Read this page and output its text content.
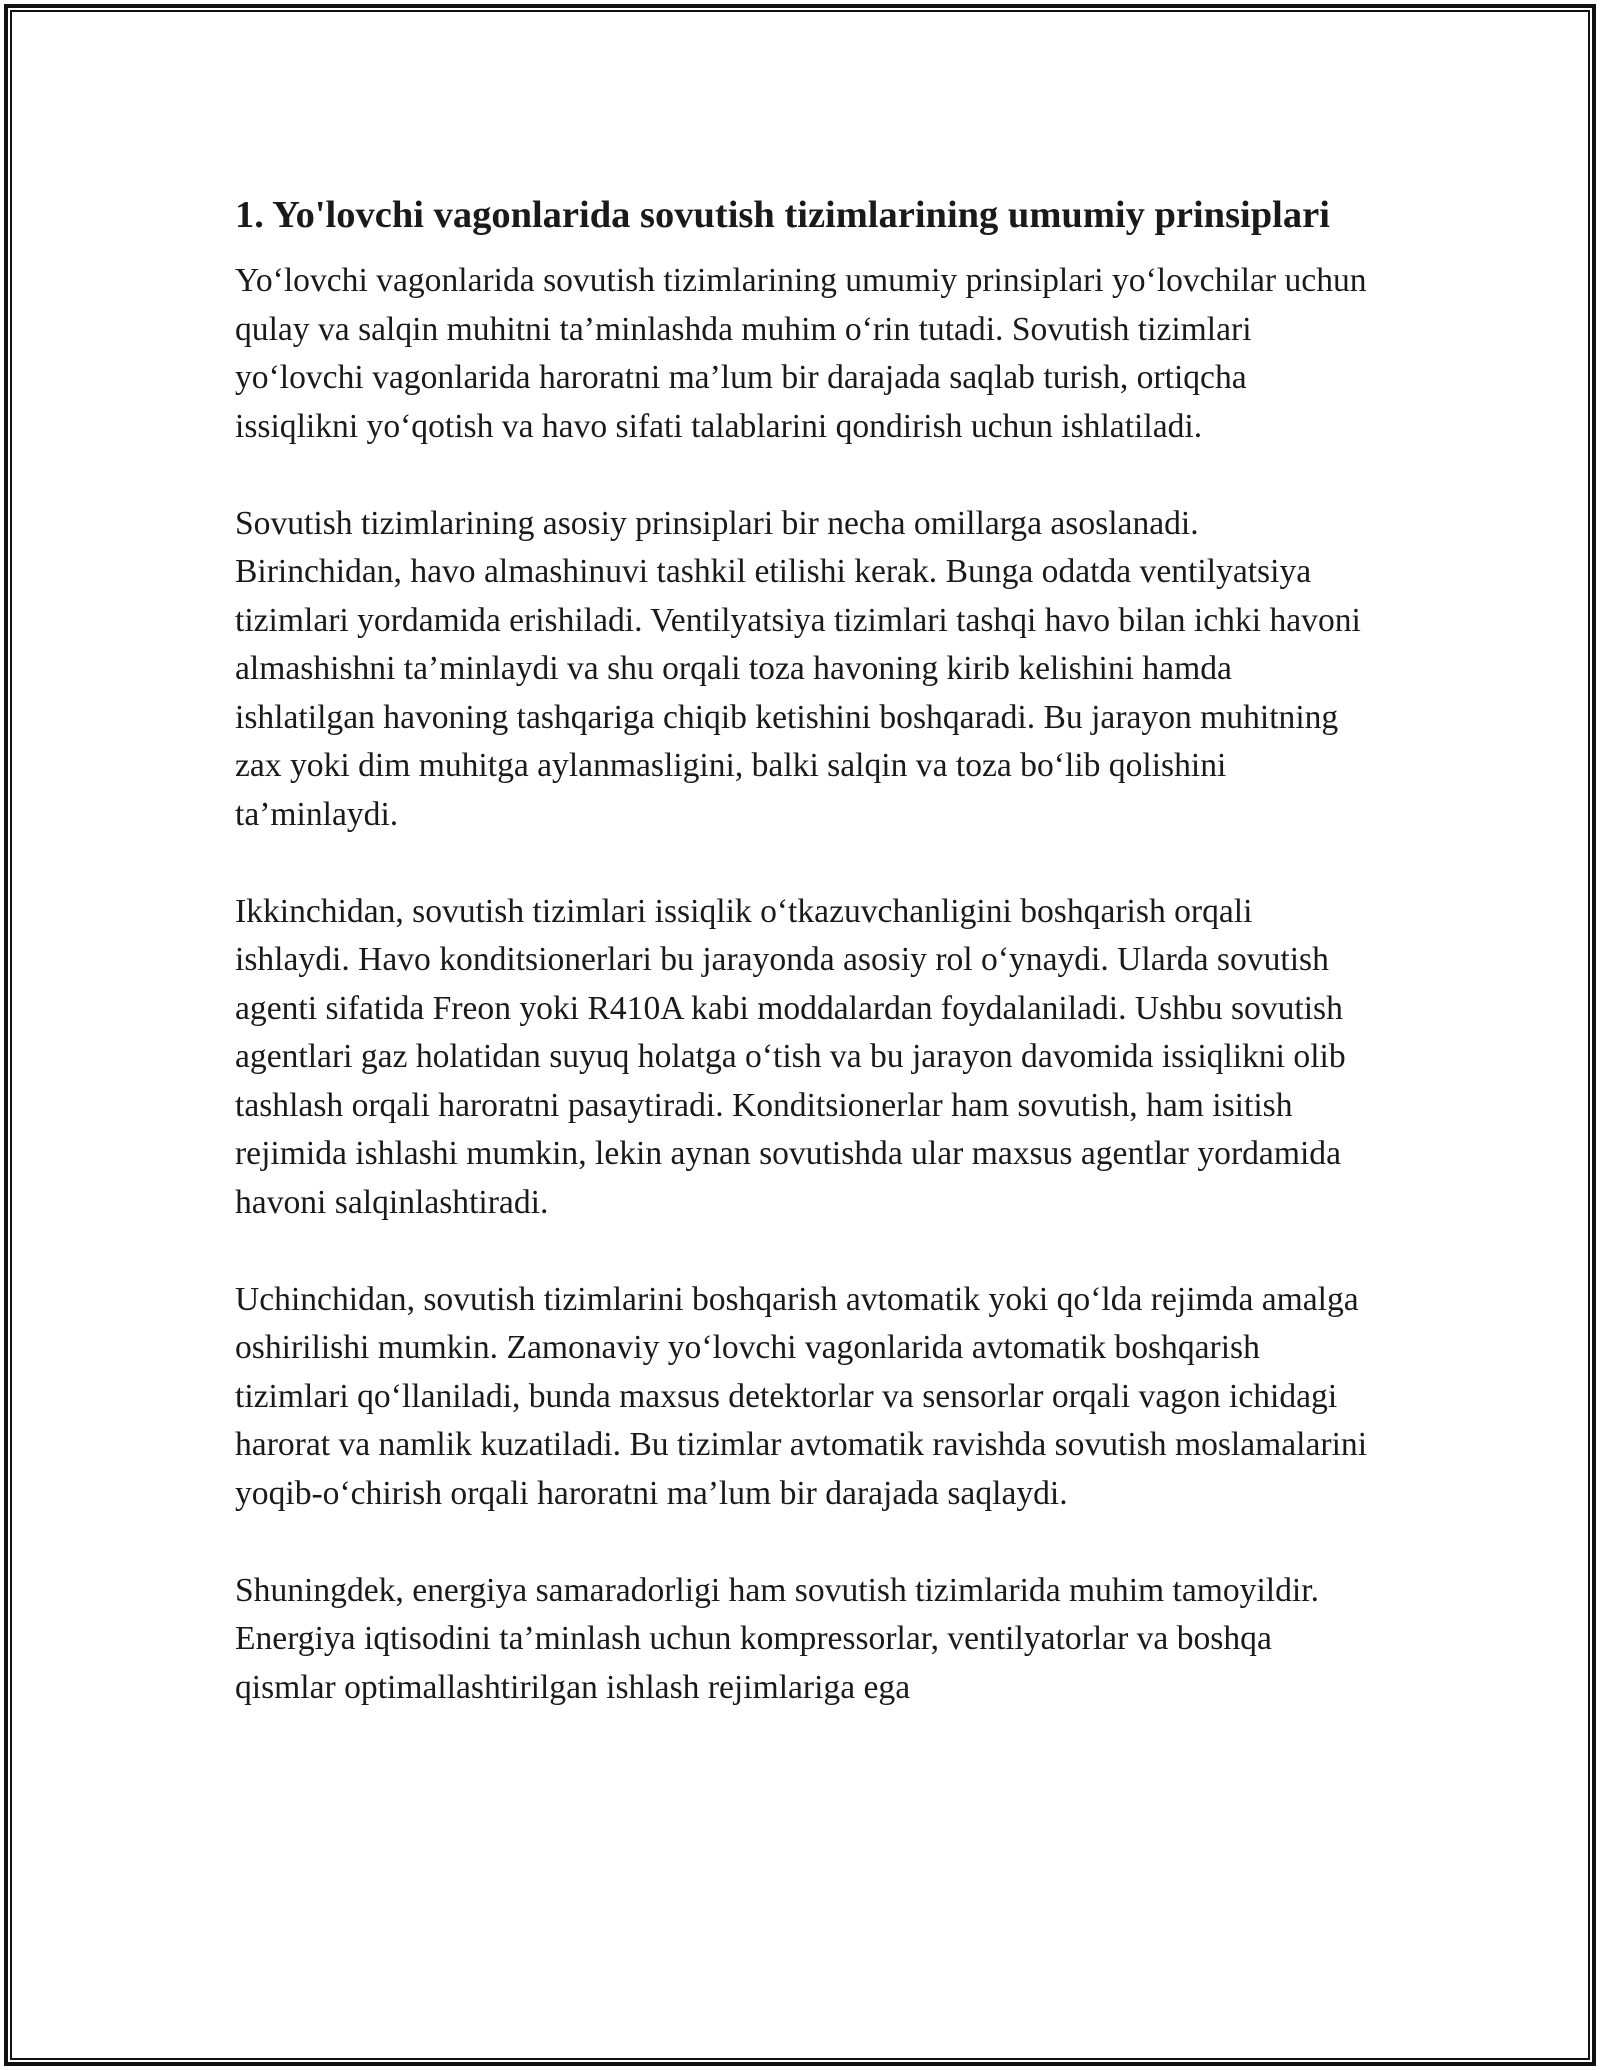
1. Yo'lovchi vagonlarida sovutish tizimlarining umumiy prinsiplari

Yo‘lovchi vagonlarida sovutish tizimlarining umumiy prinsiplari yo‘lovchilar uchun qulay va salqin muhitni ta’minlashda muhim o‘rin tutadi. Sovutish tizimlari yo‘lovchi vagonlarida haroratni ma’lum bir darajada saqlab turish, ortiqcha issiqlikni yo‘qotish va havo sifati talablarini qondirish uchun ishlatiladi.

Sovutish tizimlarining asosiy prinsiplari bir necha omillarga asoslanadi. Birinchidan, havo almashinuvi tashkil etilishi kerak. Bunga odatda ventilyatsiya tizimlari yordamida erishiladi. Ventilyatsiya tizimlari tashqi havo bilan ichki havoni almashishni ta’minlaydi va shu orqali toza havoning kirib kelishini hamda ishlatilgan havoning tashqariga chiqib ketishini boshqaradi. Bu jarayon muhitning zax yoki dim muhitga aylanmasligini, balki salqin va toza bo‘lib qolishini ta’minlaydi.

Ikkinchidan, sovutish tizimlari issiqlik o‘tkazuvchanligini boshqarish orqali ishlaydi. Havo konditsionerlari bu jarayonda asosiy rol o‘ynaydi. Ularda sovutish agenti sifatida Freon yoki R410A kabi moddalardan foydalaniladi. Ushbu sovutish agentlari gaz holatidan suyuq holatga o‘tish va bu jarayon davomida issiqlikni olib tashlash orqali haroratni pasaytiradi. Konditsionerlar ham sovutish, ham isitish rejimida ishlashi mumkin, lekin aynan sovutishda ular maxsus agentlar yordamida havoni salqinlashtiradi.

Uchinchidan, sovutish tizimlarini boshqarish avtomatik yoki qo‘lda rejimda amalga oshirilishi mumkin. Zamonaviy yo‘lovchi vagonlarida avtomatik boshqarish tizimlari qo‘llaniladi, bunda maxsus detektorlar va sensorlar orqali vagon ichidagi harorat va namlik kuzatiladi. Bu tizimlar avtomatik ravishda sovutish moslamalarini yoqib-o‘chirish orqali haroratni ma’lum bir darajada saqlaydi.

Shuningdek, energiya samaradorligi ham sovutish tizimlarida muhim tamoyildir. Energiya iqtisodini ta’minlash uchun kompressorlar, ventilyatorlar va boshqa qismlar optimallashtirilgan ishlash rejimlariga ega
